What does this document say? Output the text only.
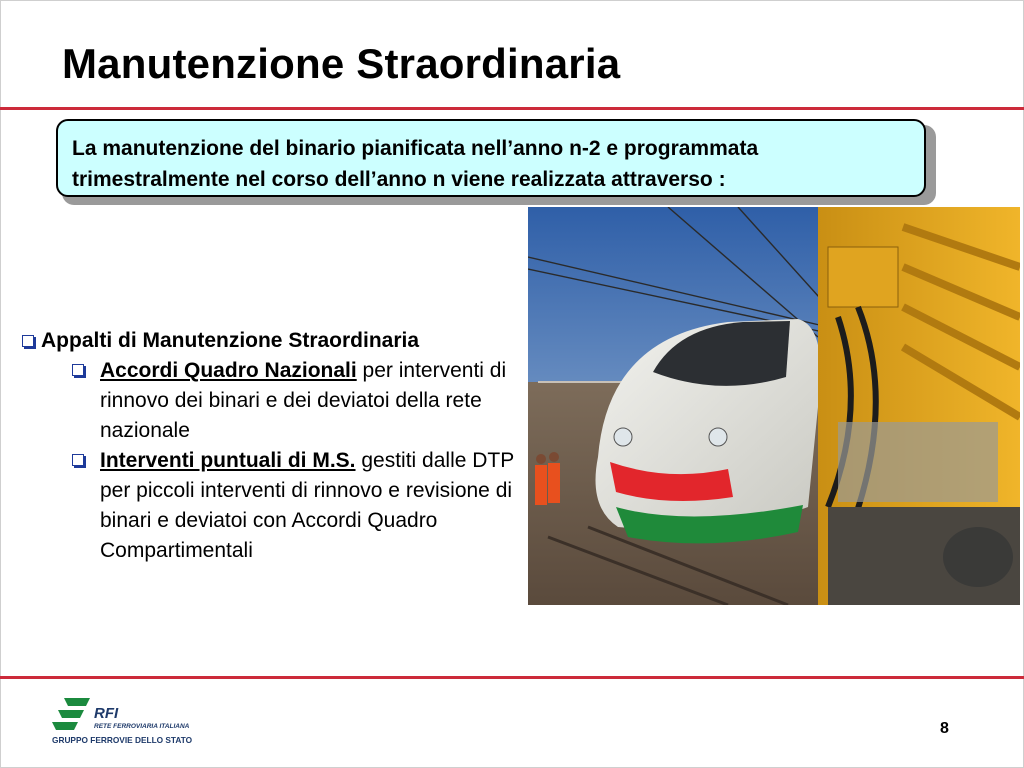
Manutenzione Straordinaria
La manutenzione del binario pianificata nell’anno n-2 e programmata
trimestralmente nel corso dell’anno n viene realizzata attraverso :
Appalti di Manutenzione Straordinaria
Accordi Quadro Nazionali per interventi di rinnovo dei binari e dei deviatoi della rete nazionale
Interventi puntuali di M.S. gestiti dalle DTP per piccoli interventi di rinnovo e revisione di binari e deviatoi con Accordi Quadro Compartimentali
RFI
RETE FERROVIARIA ITALIANA
GRUPPO FERROVIE DELLO STATO
8
